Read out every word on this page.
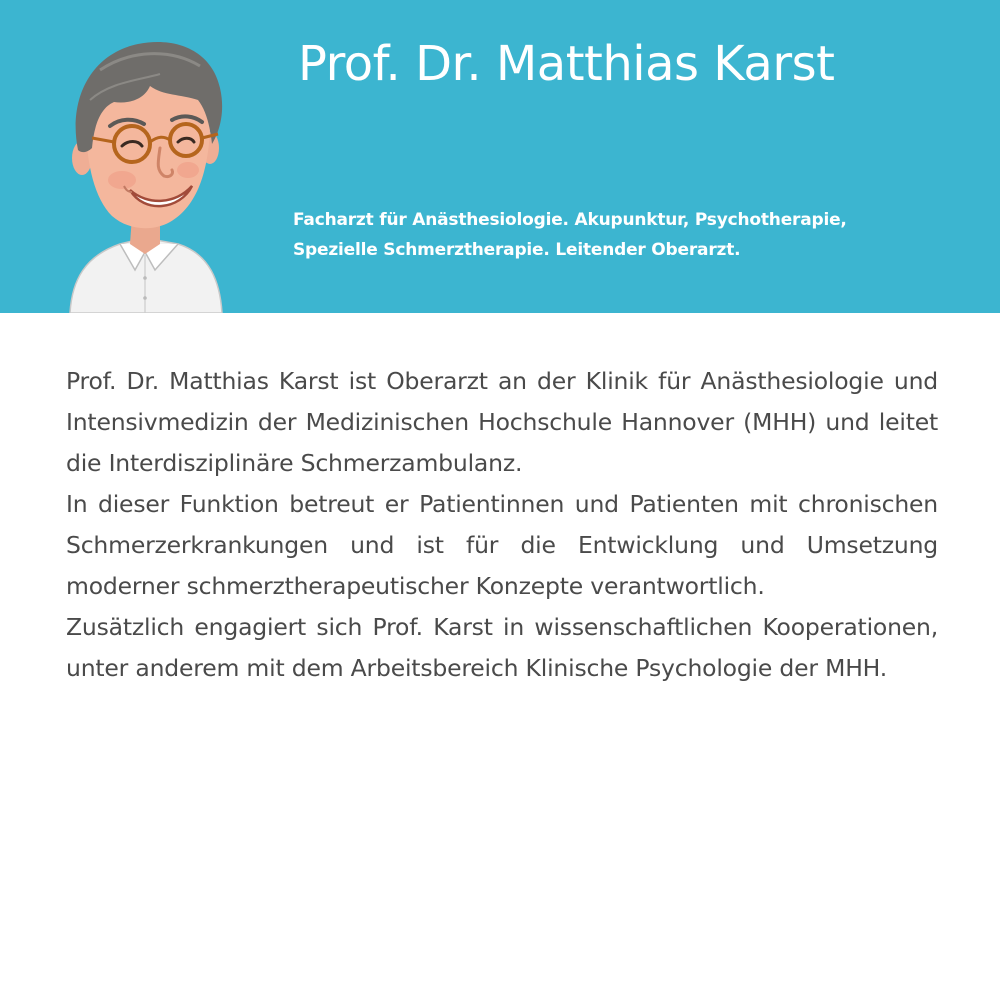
Prof. Dr. Matthias Karst

Facharzt für Anästhesiologie. Akupunktur, Psychotherapie, Spezielle Schmerztherapie. Leitender Oberarzt.

Prof. Dr. Matthias Karst ist Oberarzt an der Klinik für Anästhesiologie und Intensivmedizin der Medizinischen Hochschule Hannover (MHH) und leitet die Interdisziplinäre Schmerzambulanz.

In dieser Funktion betreut er Patientinnen und Patienten mit chronischen Schmerzerkrankungen und ist für die Entwicklung und Umsetzung moderner schmerztherapeutischer Konzepte verantwortlich.

Zusätzlich engagiert sich Prof. Karst in wissenschaftlichen Kooperationen, unter anderem mit dem Arbeitsbereich Klinische Psychologie der MHH.
